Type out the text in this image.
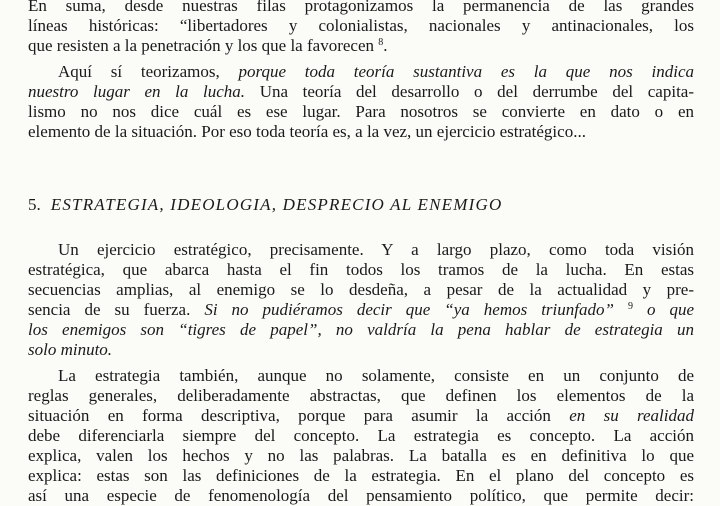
En suma, desde nuestras filas protagonizamos la permanencia de las grandes
líneas históricas: “libertadores y colonialistas, nacionales y antinacionales, los
que resisten a la penetración y los que la favorecen $^8$.

Aquí sí teorizamos, porque toda teoría sustantiva es la que nos indica
nuestro lugar en la lucha. Una teoría del desarrollo o del derrumbe del capita-
lismo no nos dice cuál es ese lugar. Para nosotros se convierte en dato o en
elemento de la situación. Por eso toda teoría es, a la vez, un ejercicio estratégico...

5. ESTRATEGIA, IDEOLOGIA, DESPRECIO AL ENEMIGO

Un ejercicio estratégico, precisamente. Y a largo plazo, como toda visión
estratégica, que abarca hasta el fin todos los tramos de la lucha. En estas
secuencias amplias, al enemigo se lo desdeña, a pesar de la actualidad y pre-
sencia de su fuerza. Si no pudiéramos decir que “ya hemos triunfado” $^9$ o que
los enemigos son “tigres de papel”, no valdría la pena hablar de estrategia un
solo minuto.

La estrategia también, aunque no solamente, consiste en un conjunto de
reglas generales, deliberadamente abstractas, que definen los elementos de la
situación en forma descriptiva, porque para asumir la acción en su realidad
debe diferenciarla siempre del concepto. La estrategia es concepto. La acción
explica, valen los hechos y no las palabras. La batalla es en definitiva lo que
explica: estas son las definiciones de la estrategia. En el plano del concepto es
así una especie de fenomenología del pensamiento político, que permite decir:
